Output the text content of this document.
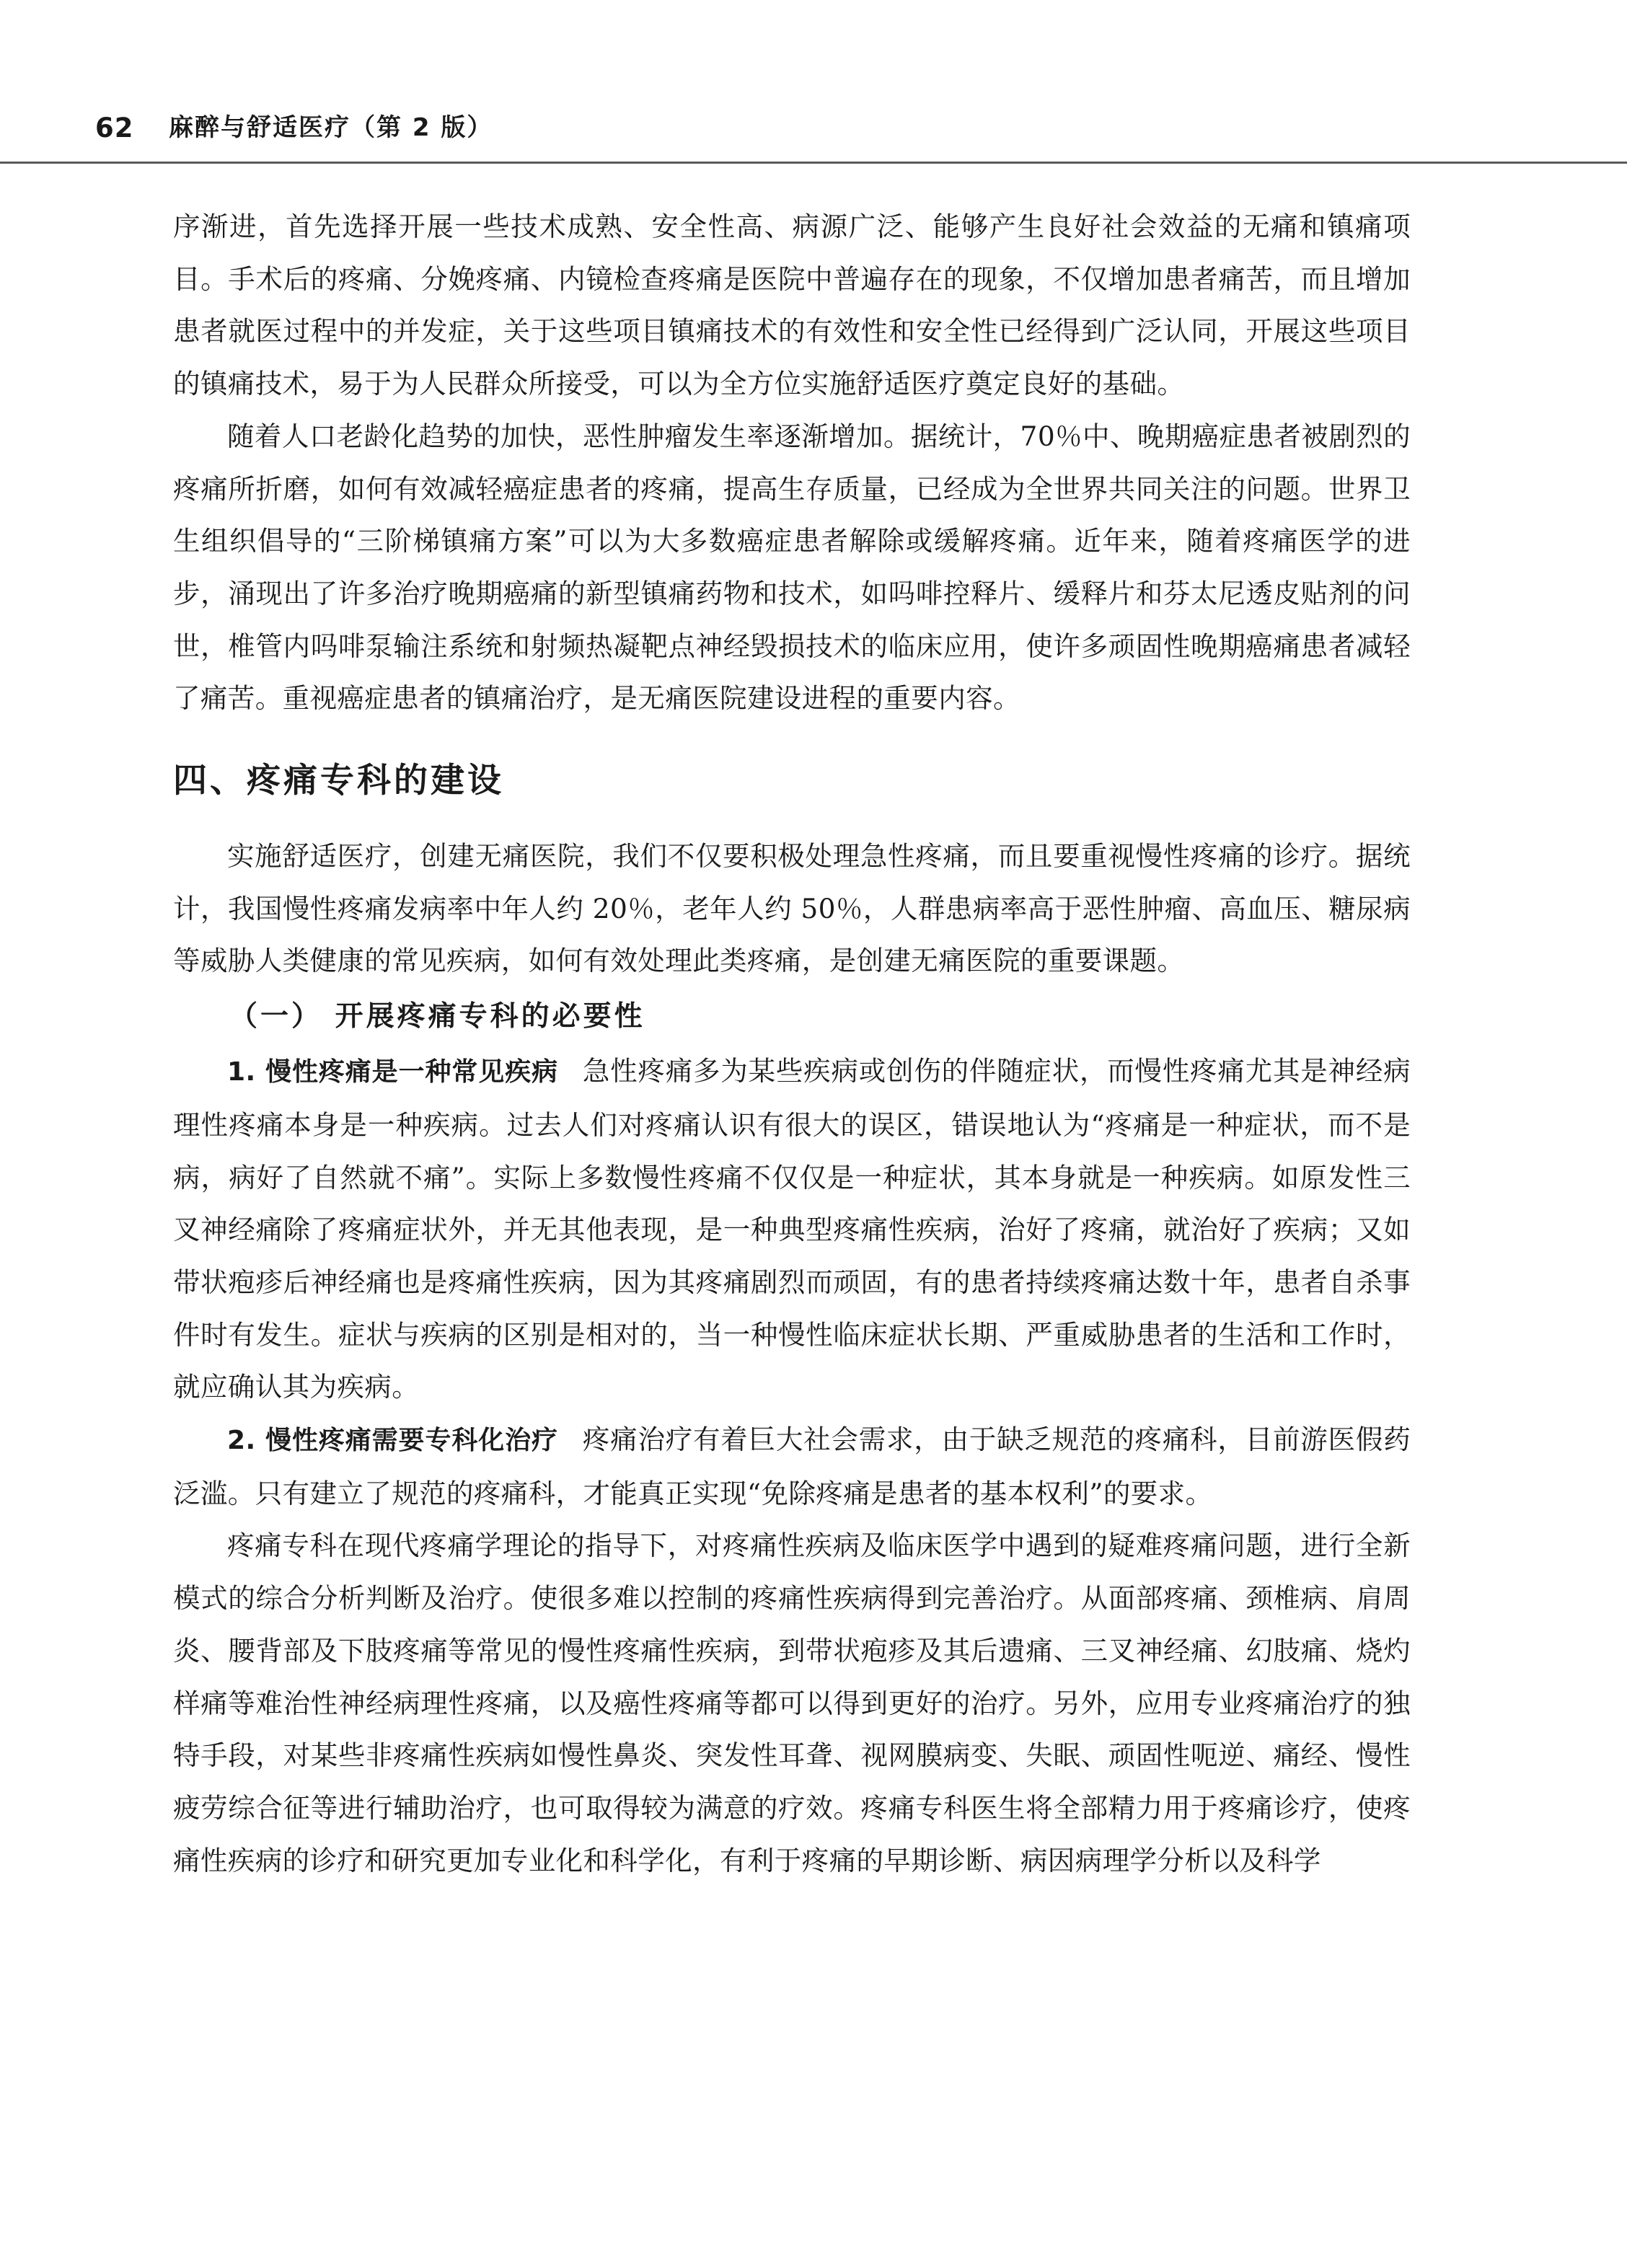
62 麻醉与舒适医疗（第 2 版）

序渐进，首先选择开展一些技术成熟、安全性高、病源广泛、能够产生良好社会效益的无痛和镇痛项目。手术后的疼痛、分娩疼痛、内镜检查疼痛是医院中普遍存在的现象，不仅增加患者痛苦，而且增加患者就医过程中的并发症，关于这些项目镇痛技术的有效性和安全性已经得到广泛认同，开展这些项目的镇痛技术，易于为人民群众所接受，可以为全方位实施舒适医疗奠定良好的基础。

随着人口老龄化趋势的加快，恶性肿瘤发生率逐渐增加。据统计，70％中、晚期癌症患者被剧烈的疼痛所折磨，如何有效减轻癌症患者的疼痛，提高生存质量，已经成为全世界共同关注的问题。世界卫生组织倡导的“三阶梯镇痛方案”可以为大多数癌症患者解除或缓解疼痛。近年来，随着疼痛医学的进步，涌现出了许多治疗晚期癌痛的新型镇痛药物和技术，如吗啡控释片、缓释片和芬太尼透皮贴剂的问世，椎管内吗啡泵输注系统和射频热凝靶点神经毁损技术的临床应用，使许多顽固性晚期癌痛患者减轻了痛苦。重视癌症患者的镇痛治疗，是无痛医院建设进程的重要内容。

四、疼痛专科的建设

实施舒适医疗，创建无痛医院，我们不仅要积极处理急性疼痛，而且要重视慢性疼痛的诊疗。据统计，我国慢性疼痛发病率中年人约 20％，老年人约 50％，人群患病率高于恶性肿瘤、高血压、糖尿病等威胁人类健康的常见疾病，如何有效处理此类疼痛，是创建无痛医院的重要课题。

（一） 开展疼痛专科的必要性

1. 慢性疼痛是一种常见疾病 急性疼痛多为某些疾病或创伤的伴随症状，而慢性疼痛尤其是神经病理性疼痛本身是一种疾病。过去人们对疼痛认识有很大的误区，错误地认为“疼痛是一种症状，而不是病，病好了自然就不痛”。实际上多数慢性疼痛不仅仅是一种症状，其本身就是一种疾病。如原发性三叉神经痛除了疼痛症状外，并无其他表现，是一种典型疼痛性疾病，治好了疼痛，就治好了疾病；又如带状疱疹后神经痛也是疼痛性疾病，因为其疼痛剧烈而顽固，有的患者持续疼痛达数十年，患者自杀事件时有发生。症状与疾病的区别是相对的，当一种慢性临床症状长期、严重威胁患者的生活和工作时，就应确认其为疾病。

2. 慢性疼痛需要专科化治疗 疼痛治疗有着巨大社会需求，由于缺乏规范的疼痛科，目前游医假药泛滥。只有建立了规范的疼痛科，才能真正实现“免除疼痛是患者的基本权利”的要求。

疼痛专科在现代疼痛学理论的指导下，对疼痛性疾病及临床医学中遇到的疑难疼痛问题，进行全新模式的综合分析判断及治疗。使很多难以控制的疼痛性疾病得到完善治疗。从面部疼痛、颈椎病、肩周炎、腰背部及下肢疼痛等常见的慢性疼痛性疾病，到带状疱疹及其后遗痛、三叉神经痛、幻肢痛、烧灼样痛等难治性神经病理性疼痛，以及癌性疼痛等都可以得到更好的治疗。另外，应用专业疼痛治疗的独特手段，对某些非疼痛性疾病如慢性鼻炎、突发性耳聋、视网膜病变、失眠、顽固性呃逆、痛经、慢性疲劳综合征等进行辅助治疗，也可取得较为满意的疗效。疼痛专科医生将全部精力用于疼痛诊疗，使疼痛性疾病的诊疗和研究更加专业化和科学化，有利于疼痛的早期诊断、病因病理学分析以及科学
